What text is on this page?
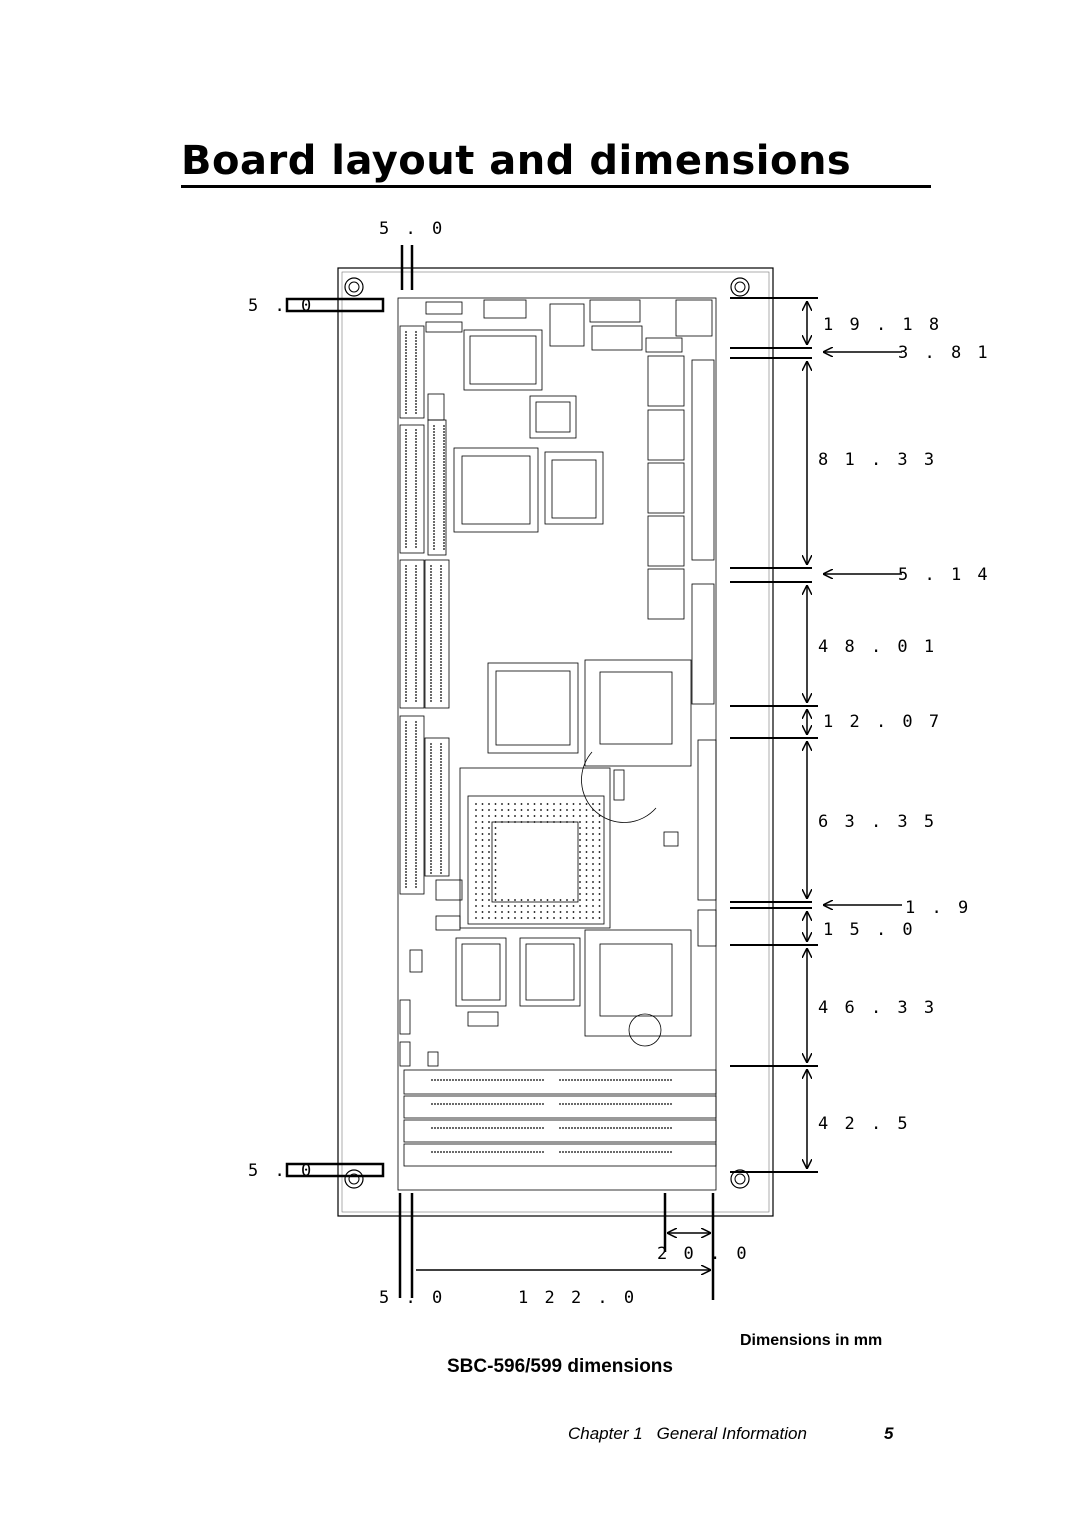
Board layout and dimensions
5 . 0
5 . 0
5 . 0
5 . 0	1 2 2 . 0
2 0 . 0
1 9 . 1 8
3 . 8 1
8 1 . 3 3
5 . 1 4
4 8 . 0 1
1 2 . 0 7
6 3 . 3 5
1 . 9
1 5 . 0
4 6 . 3 3
4 2 . 5
Dimensions in mm
SBC-596/599 dimensions
Chapter 1 General Information	5
